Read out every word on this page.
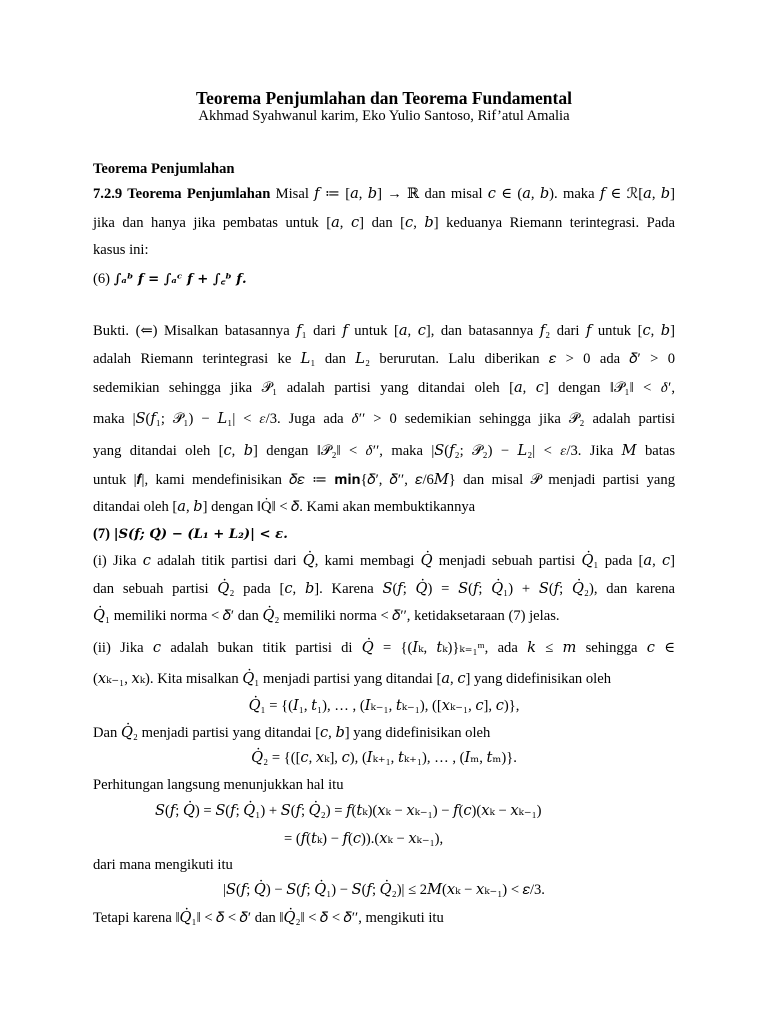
Teorema Penjumlahan dan Teorema Fundamental
Akhmad Syahwanul karim, Eko Yulio Santoso, Rif’atul Amalia
Teorema Penjumlahan
7.2.9 Teorema Penjumlahan Misal 𝑓 ≔ [𝑎, 𝑏] → ℝ dan misal 𝑐 ∈ (𝑎, 𝑏). maka 𝑓 ∈ ℛ[𝑎, 𝑏]
jika dan hanya jika pembatas untuk [𝑎, 𝑐] dan [𝑐, 𝑏] keduanya Riemann terintegrasi. Pada
kasus ini:
(6) ∫ₐᵇ 𝒇 = ∫ₐᶜ 𝒇 + ∫꜀ᵇ 𝒇.
Bukti. (⇐) Misalkan batasannya 𝑓₁ dari 𝑓 untuk [𝑎, 𝑐], dan batasannya 𝑓₂ dari 𝑓 untuk [𝑐, 𝑏]
adalah Riemann terintegrasi ke 𝐿₁ dan 𝐿₂ berurutan. Lalu diberikan 𝜀 > 0 ada 𝛿′ > 0
sedemikian sehingga jika 𝒫̇₁ adalah partisi yang ditandai oleh [𝑎, 𝑐] dengan ‖𝒫̇₁‖ < 𝛿′,
maka |𝑆(𝑓₁; 𝒫̇₁) − 𝐿₁| < 𝜀/3. Juga ada 𝛿′′ > 0 sedemikian sehingga jika 𝒫̇₂ adalah partisi
yang ditandai oleh [𝑐, 𝑏] dengan ‖𝒫̇₂‖ < 𝛿′′, maka |𝑆(𝑓₂; 𝒫̇₂) − 𝐿₂| < 𝜀/3. Jika 𝑀 batas
untuk |𝒇|, kami mendefinisikan 𝛿𝜀 ≔ 𝐦𝐢𝐧{𝛿′, 𝛿′′, 𝜀/6𝑀} dan misal 𝒫̇ menjadi partisi yang
ditandai oleh [𝑎, 𝑏] dengan ‖Q̇‖ < 𝛿. Kami akan membuktikannya
(7) |𝑺(𝒇; 𝑸̇) − (𝑳₁ + 𝑳₂)| < 𝜺.
(i) Jika 𝑐 adalah titik partisi dari 𝑄̇, kami membagi 𝑄̇ menjadi sebuah partisi 𝑄̇₁ pada [𝑎, 𝑐]
dan sebuah partisi 𝑄̇₂ pada [𝑐, 𝑏]. Karena 𝑆(𝑓; 𝑄̇) = 𝑆(𝑓; 𝑄̇₁) + 𝑆(𝑓; 𝑄̇₂), dan karena
𝑄̇₁ memiliki norma < 𝛿′ dan 𝑄̇₂ memiliki norma < 𝛿′′, ketidaksetaraan (7) jelas.
(ii) Jika 𝑐 adalah bukan titik partisi di 𝑄̇ = {(𝐼ₖ, 𝑡ₖ)}ₖ₌₁ᵐ, ada 𝑘 ≤ 𝑚 sehingga 𝑐 ∈
(𝑥ₖ₋₁, 𝑥ₖ). Kita misalkan 𝑄̇₁ menjadi partisi yang ditandai [𝑎, 𝑐] yang didefinisikan oleh
𝑄̇₁ = {(𝐼₁, 𝑡₁), … , (𝐼ₖ₋₁, 𝑡ₖ₋₁), ([𝑥ₖ₋₁, 𝑐], 𝑐)},
Dan 𝑄̇₂ menjadi partisi yang ditandai [𝑐, 𝑏] yang didefinisikan oleh
𝑄̇₂ = {([𝑐, 𝑥ₖ], 𝑐), (𝐼ₖ₊₁, 𝑡ₖ₊₁), … , (𝐼ₘ, 𝑡ₘ)}.
Perhitungan langsung menunjukkan hal itu
𝑆(𝑓; 𝑄̇) = 𝑆(𝑓; 𝑄̇₁) + 𝑆(𝑓; 𝑄̇₂) = 𝑓(𝑡ₖ)(𝑥ₖ − 𝑥ₖ₋₁) − 𝑓(𝑐)(𝑥ₖ − 𝑥ₖ₋₁)
= (𝑓(𝑡ₖ) − 𝑓(𝑐)).(𝑥ₖ − 𝑥ₖ₋₁),
dari mana mengikuti itu
|𝑆(𝑓; 𝑄̇) − 𝑆(𝑓; 𝑄̇₁) − 𝑆(𝑓; 𝑄̇₂)| ≤ 2𝑀(𝑥ₖ − 𝑥ₖ₋₁) < 𝜀/3.
Tetapi karena ‖𝑄̇₁‖ < 𝛿 < 𝛿′ dan ‖𝑄̇₂‖ < 𝛿 < 𝛿′′, mengikuti itu
